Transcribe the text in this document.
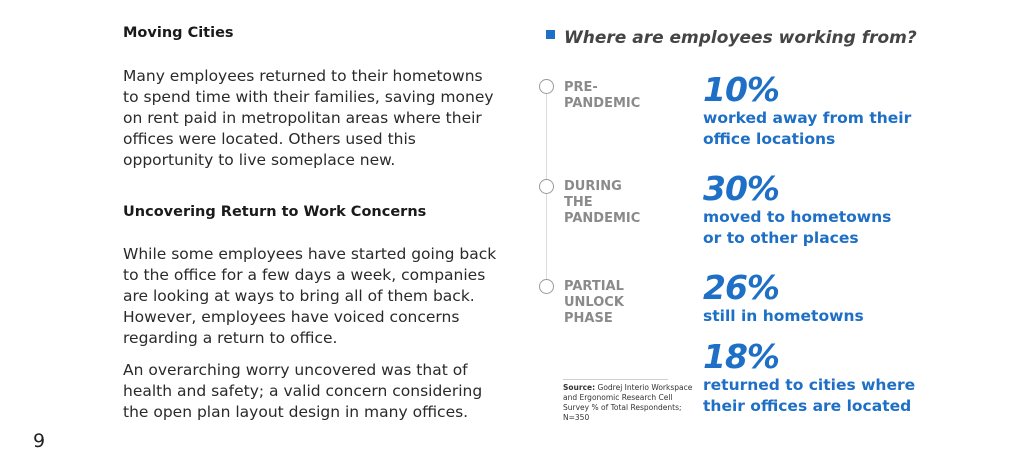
Moving Cities

Many employees returned to their hometowns to spend time with their families, saving money on rent paid in metropolitan areas where their offices were located. Others used this opportunity to live someplace new.

Uncovering Return to Work Concerns

While some employees have started going back to the office for a few days a week, companies are looking at ways to bring all of them back. However, employees have voiced concerns regarding a return to office.

An overarching worry uncovered was that of health and safety; a valid concern considering the open plan layout design in many offices.

Where are employees working from?
PRE-
PANDEMIC
DURING
THE
PANDEMIC
PARTIAL
UNLOCK
PHASE
10%
worked away from their
office locations
30%
moved to hometowns
or to other places
26%
still in hometowns
18%
returned to cities where
their offices are located
Source: Godrej Interio Workspace and Ergonomic Research Cell Survey % of Total Respondents; N=350
9
